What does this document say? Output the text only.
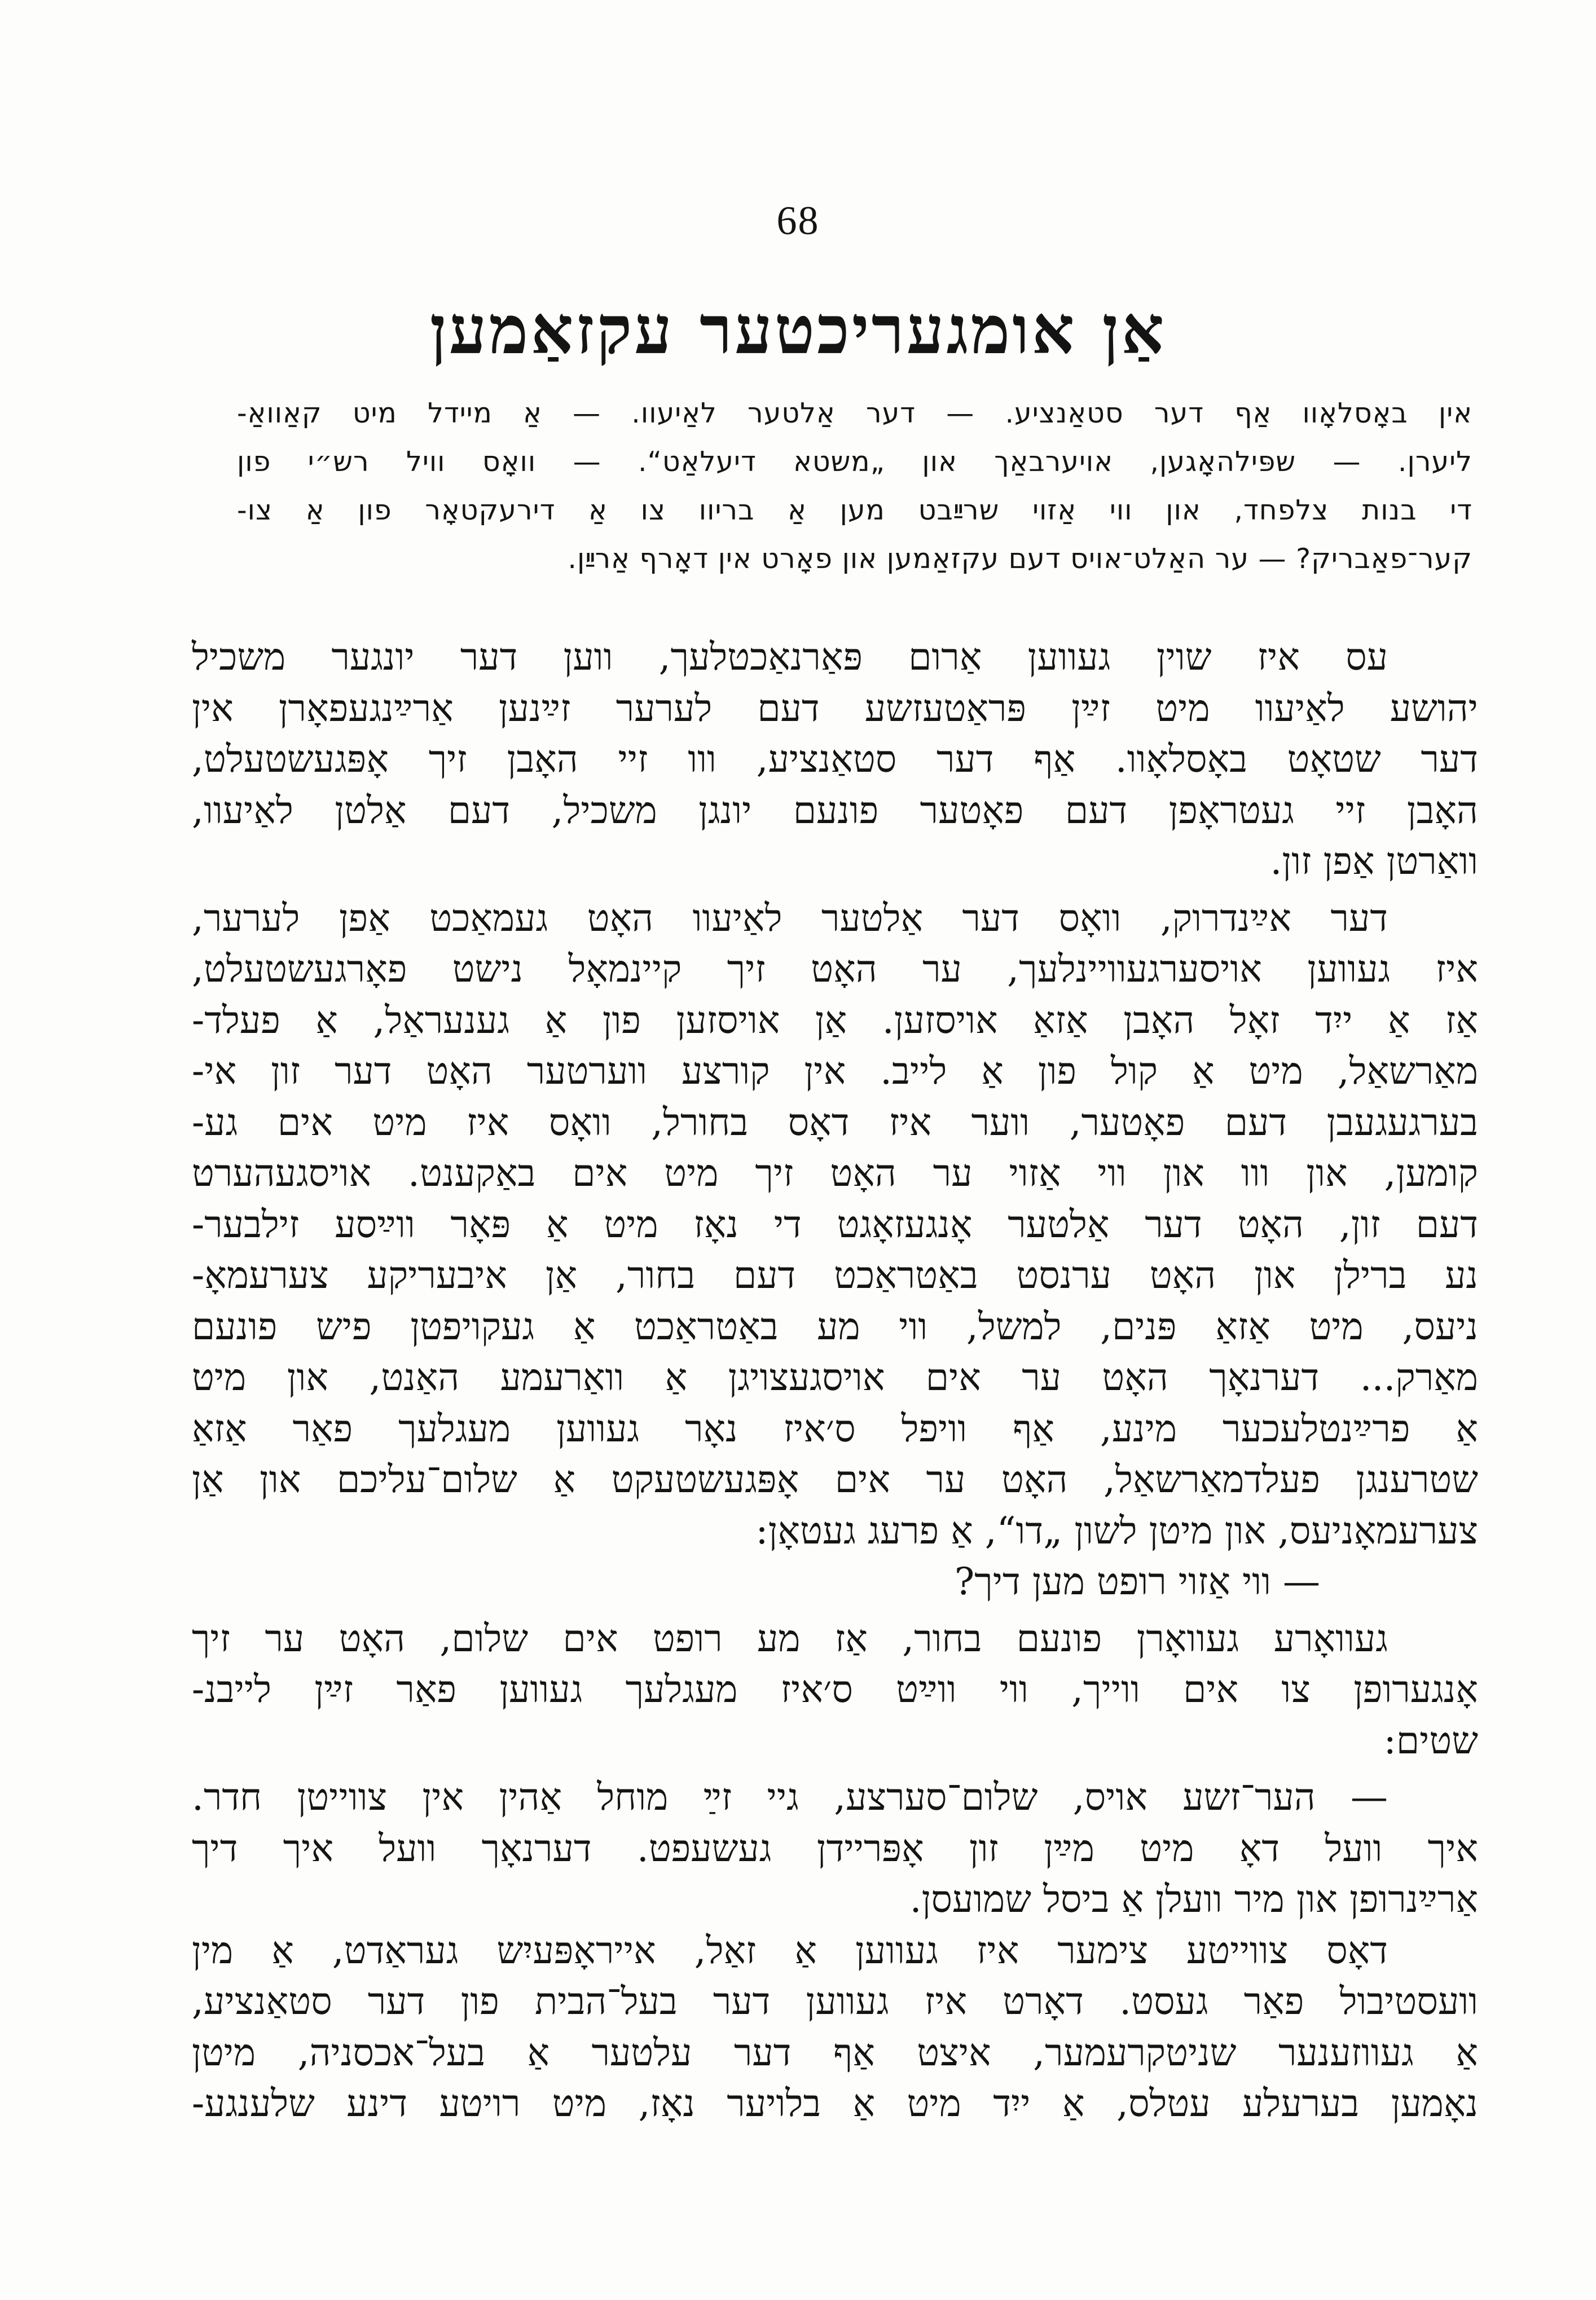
68
אַן אומגעריכטער עקזאַמען
אין באָסלאָוו אַף דער סטאַנציע. — דער אַלטער לאַיעוו. — אַ מיידל מיט קאַוואַ-
ליערן. — שפּילהאָגען, אויערבאַך און „משטא דיעלאַט“. — וואָס וויל רש״י פון
די בנות צלפחד, און ווי אַזוי שרײַבט מען אַ בריוו צו אַ דירעקטאָר פון אַ צו-
קער־פאַבריק? — ער האַלט־אויס דעם עקזאַמען און פאָרט אין דאָרף אַרײַן.
עס איז שוין געווען אַרום פּאַרנאַכטלעך, ווען דער יונגער משכיל
יהושע לאַיעוו מיט זײַן פּראַטעזשע דעם לערער זײַנען אַרײַנגעפאָרן אין
דער שטאָט באָסלאָוו. אַף דער סטאַנציע, ווו זיי האָבן זיך אָפּגעשטעלט,
האָבן זיי געטראָפן דעם פאָטער פונעם יונגן משכיל, דעם אַלטן לאַיעוו,
וואַרטן אַפן זון.
דער אײַנדרוק, וואָס דער אַלטער לאַיעוו האָט געמאַכט אַפן לערער,
איז געווען אויסערגעוויינלעך, ער האָט זיך קיינמאָל נישט פאָרגעשטעלט,
אַז אַ ייִד זאָל האָבן אַזאַ אויסזען. אַן אויסזען פון אַ גענעראַל, אַ פעלד-
מאַרשאַל, מיט אַ קול פון אַ לייב. אין קורצע ווערטער האָט דער זון אי-
בערגעגעבן דעם פאָטער, ווער איז דאָס בחורל, וואָס איז מיט אים גע-
קומען, און ווו און ווי אַזוי ער האָט זיך מיט אים באַקענט. אויסגעהערט
דעם זון, האָט דער אַלטער אָנגעזאָגט די נאָז מיט אַ פּאָר ווײַסע זילבער-
נע ברילן און האָט ערנסט באַטראַכט דעם בחור, אַן איבעריקע צערעמאָ-
ניעס, מיט אַזאַ פּנים, למשל, ווי מע באַטראַכט אַ געקויפטן פיש פונעם
מאַרק... דערנאָך האָט ער אים אויסגעצויגן אַ וואַרעמע האַנט, און מיט
אַ פרײַנטלעכער מינע, אַף וויפל ס׳איז נאָר געווען מעגלעך פאַר אַזאַ
שטרענגן פעלדמאַרשאַל, האָט ער אים אָפּגעשטעקט אַ שלום־עליכם און אַן
צערעמאָניעס, און מיטן לשון „דו“, אַ פרעג געטאָן:
— ווי אַזוי רופט מען דיך?
געוואָרע געוואָרן פונעם בחור, אַז מע רופט אים שלום, האָט ער זיך
אָנגערופן צו אים ווייך, ווי ווײַט ס׳איז מעגלעך געווען פאַר זײַן לייבנ-
שטים:
— הער־זשע אויס, שלום־סערצע, גיי זײַ מוחל אַהין אין צווייטן חדר.
איך וועל דאָ מיט מײַן זון אָפּריידן געשעפט. דערנאָך וועל איך דיך
אַרײַנרופן און מיר וועלן אַ ביסל שמועסן.
דאָס צווייטע צימער איז געווען אַ זאַל, אייראָפּעיִש געראַדט, אַ מין
וועסטיבול פאַר געסט. דאָרט איז געווען דער בעל־הבית פון דער סטאַנציע,
אַ געווזענער שניטקרעמער, איצט אַף דער עלטער אַ בעל־אכסניה, מיטן
נאָמען בערעלע עטלס, אַ ייִד מיט אַ בלויער נאָז, מיט רויטע דינע שלענגע-
